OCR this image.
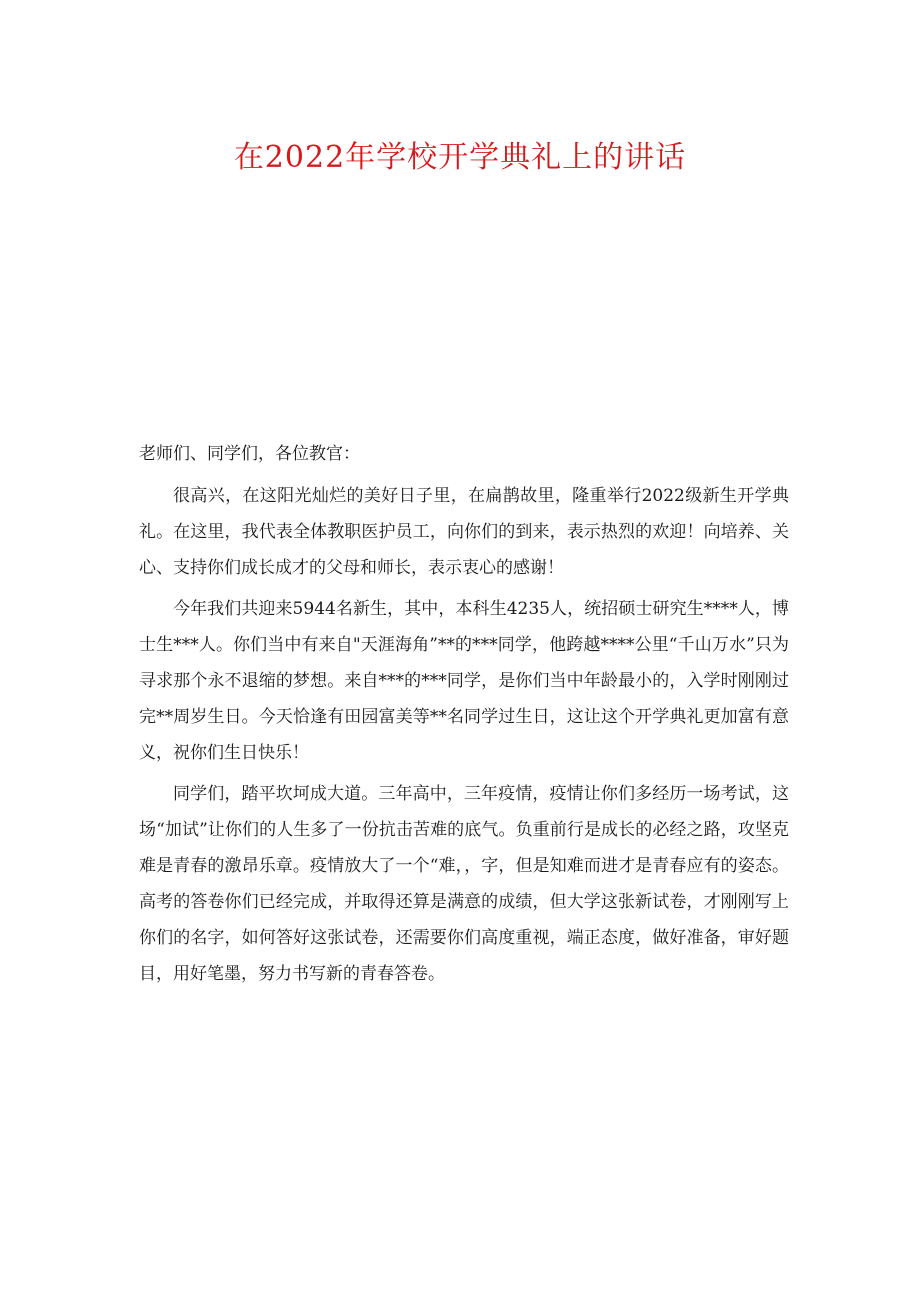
在2022年学校开学典礼上的讲话

老师们、同学们，各位教官：

很高兴，在这阳光灿烂的美好日子里，在扁鹊故里，隆重举行2022级新生开学典礼。在这里，我代表全体教职医护员工，向你们的到来，表示热烈的欢迎！向培养、关心、支持你们成长成才的父母和师长，表示衷心的感谢！

今年我们共迎来5944名新生，其中，本科生4235人，统招硕士研究生****人，博士生***人。你们当中有来自"天涯海角”**的***同学，他跨越****公里“千山万水”只为寻求那个永不退缩的梦想。来自***的***同学，是你们当中年龄最小的，入学时刚刚过完**周岁生日。今天恰逢有田园富美等**名同学过生日，这让这个开学典礼更加富有意义，祝你们生日快乐！

同学们，踏平坎坷成大道。三年高中，三年疫情，疫情让你们多经历一场考试，这场“加试”让你们的人生多了一份抗击苦难的底气。负重前行是成长的必经之路，攻坚克难是青春的激昂乐章。疫情放大了一个“难，，字，但是知难而进才是青春应有的姿态。高考的答卷你们已经完成，并取得还算是满意的成绩，但大学这张新试卷，才刚刚写上你们的名字，如何答好这张试卷，还需要你们高度重视，端正态度，做好准备，审好题目，用好笔墨，努力书写新的青春答卷。
